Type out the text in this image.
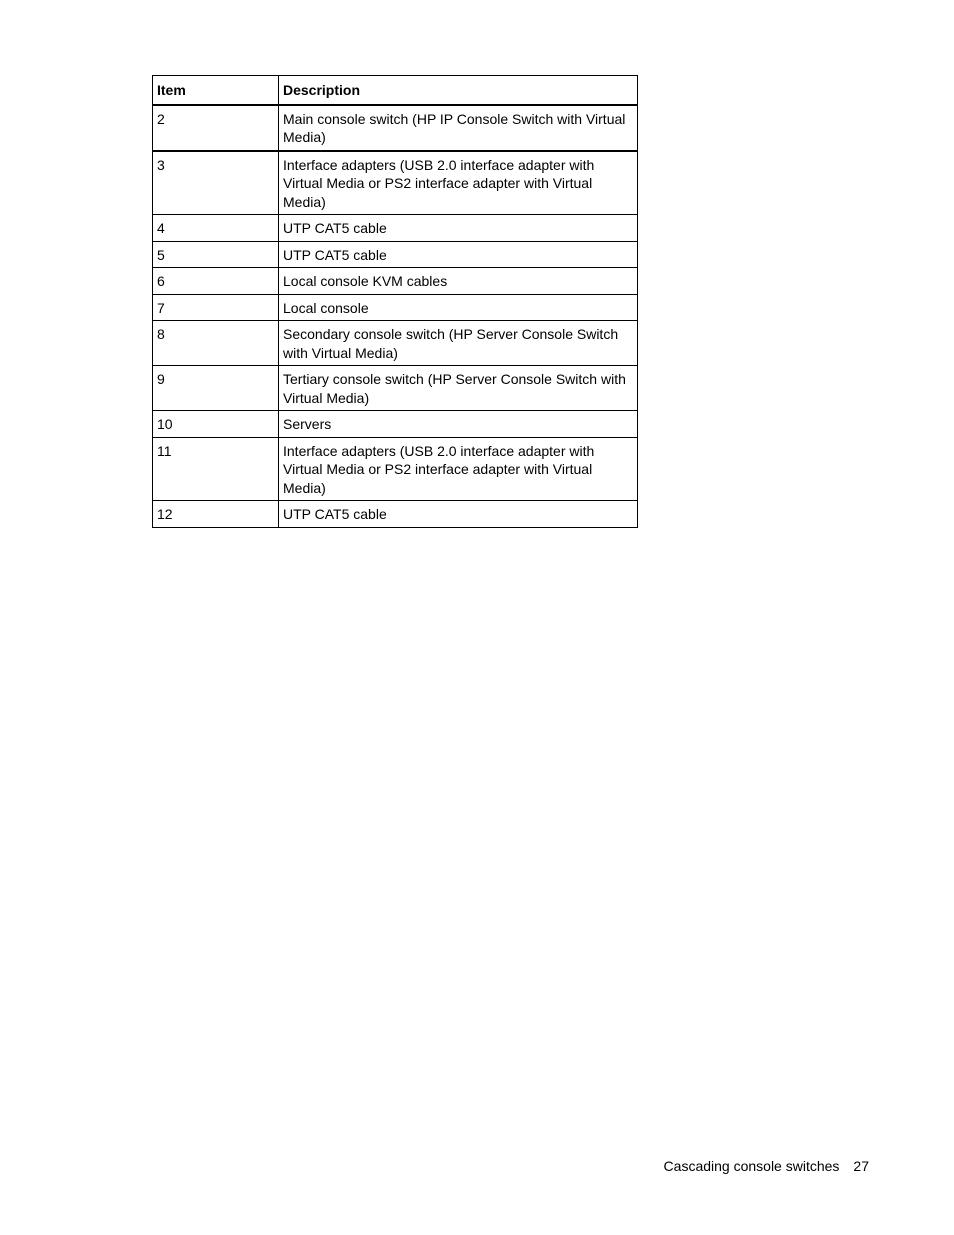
Item	Description
2	Main console switch (HP IP Console Switch with Virtual Media)
3	Interface adapters (USB 2.0 interface adapter with Virtual Media or PS2 interface adapter with Virtual Media)
4	UTP CAT5 cable
5	UTP CAT5 cable
6	Local console KVM cables
7	Local console
8	Secondary console switch (HP Server Console Switch with Virtual Media)
9	Tertiary console switch (HP Server Console Switch with Virtual Media)
10	Servers
11	Interface adapters (USB 2.0 interface adapter with Virtual Media or PS2 interface adapter with Virtual Media)
12	UTP CAT5 cable
Cascading console switches 27
